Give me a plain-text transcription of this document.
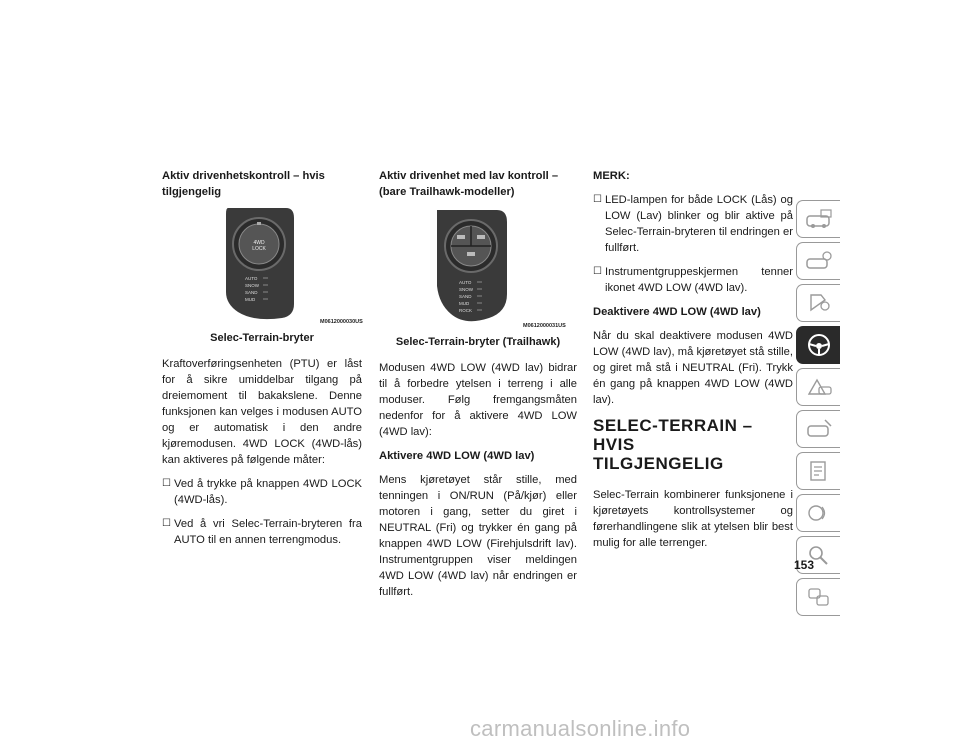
Aktiv drivenhetskontroll – hvis tilgjengelig
4WD
LOCK
AUTO
SNOW
SAND
MUD
M0612000030US
Selec-Terrain-bryter

Kraftoverføringsenheten (PTU) er låst for å sikre umiddelbar tilgang på dreiemoment til bakakslene. Denne funksjonen kan velges i modusen AUTO og er automatisk i den andre kjøremodusen. 4WD LOCK (4WD-lås) kan aktiveres på følgende måter:

☐ Ved å trykke på knappen 4WD LOCK (4WD-lås).
☐ Ved å vri Selec-Terrain-bryteren fra AUTO til en annen terrengmodus.
Aktiv drivenhet med lav kontroll – (bare Trailhawk-modeller)
AUTO
SNOW
SAND
MUD
ROCK
M0612000031US
Selec-Terrain-bryter (Trailhawk)

Modusen 4WD LOW (4WD lav) bidrar til å forbedre ytelsen i terreng i alle moduser. Følg fremgangsmåten nedenfor for å aktivere 4WD LOW (4WD lav):

Aktivere 4WD LOW (4WD lav)

Mens kjøretøyet står stille, med tenningen i ON/RUN (På/kjør) eller motoren i gang, setter du giret i NEUTRAL (Fri) og trykker én gang på knappen 4WD LOW (Firehjulsdrift lav). Instrumentgruppen viser meldingen 4WD LOW (4WD lav) når endringen er fullført.

MERK:
☐ LED-lampen for både LOCK (Lås) og LOW (Lav) blinker og blir aktive på Selec-Terrain-bryteren til endringen er fullført.
☐ Instrumentgruppeskjermen tenner ikonet 4WD LOW (4WD lav).
Deaktivere 4WD LOW (4WD lav)

Når du skal deaktivere modusen 4WD LOW (4WD lav), må kjøretøyet stå stille, og giret må stå i NEUTRAL (Fri). Trykk én gang på knappen 4WD LOW (4WD lav).

SELEC-TERRAIN – HVIS
TILGJENGELIG

Selec-Terrain kombinerer funksjonene i kjøretøyets kontrollsystemer og førerhandlingene slik at ytelsen blir best mulig for alle terrenger.

153
carmanualsonline.info
